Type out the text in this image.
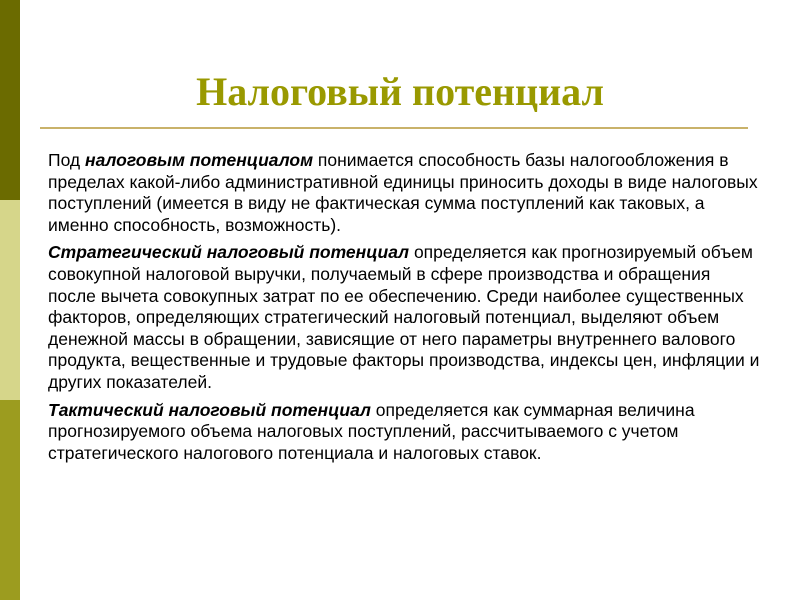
Налоговый потенциал

Под налоговым потенциалом понимается способность базы налогообложения в пределах какой-либо административной единицы приносить доходы в виде налоговых поступлений (имеется в виду не фактическая сумма поступлений как таковых, а именно способность, возможность).

Стратегический налоговый потенциал определяется как прогнозируемый объем совокупной налоговой выручки, получаемый в сфере производства и обращения после вычета совокупных затрат по ее обеспечению. Среди наиболее существенных факторов, определяющих стратегический налоговый потенциал, выделяют объем денежной массы в обращении, зависящие от него параметры внутреннего валового продукта, вещественные и трудовые факторы производства, индексы цен, инфляции и других показателей.

Тактический налоговый потенциал определяется как суммарная величина прогнозируемого объема налоговых поступлений, рассчитываемого с учетом стратегического налогового потенциала и налоговых ставок.
